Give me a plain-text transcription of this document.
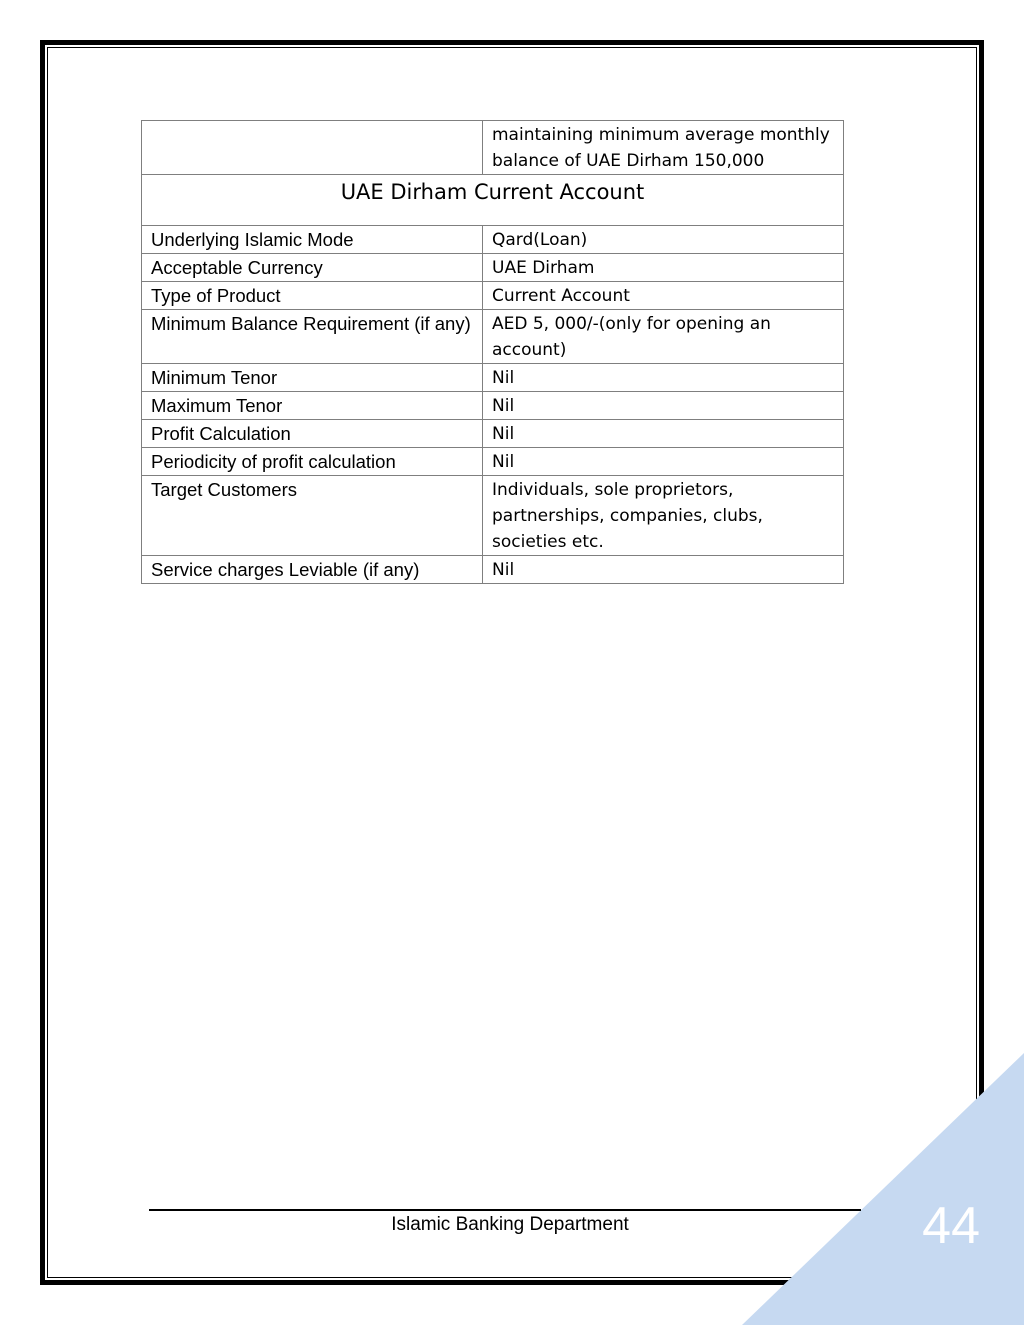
	maintaining minimum average monthly balance of UAE Dirham 150,000
UAE Dirham Current Account	
Underlying Islamic Mode	Qard(Loan)
Acceptable Currency	UAE Dirham
Type of Product	Current Account
Minimum Balance Requirement (if any)	AED 5, 000/-(only for opening an account)
Minimum Tenor	Nil
Maximum Tenor	Nil
Profit Calculation	Nil
Periodicity of profit calculation	Nil
Target Customers	Individuals, sole proprietors, partnerships, companies, clubs, societies etc.
Service charges Leviable (if any)	Nil
Islamic Banking Department	44
